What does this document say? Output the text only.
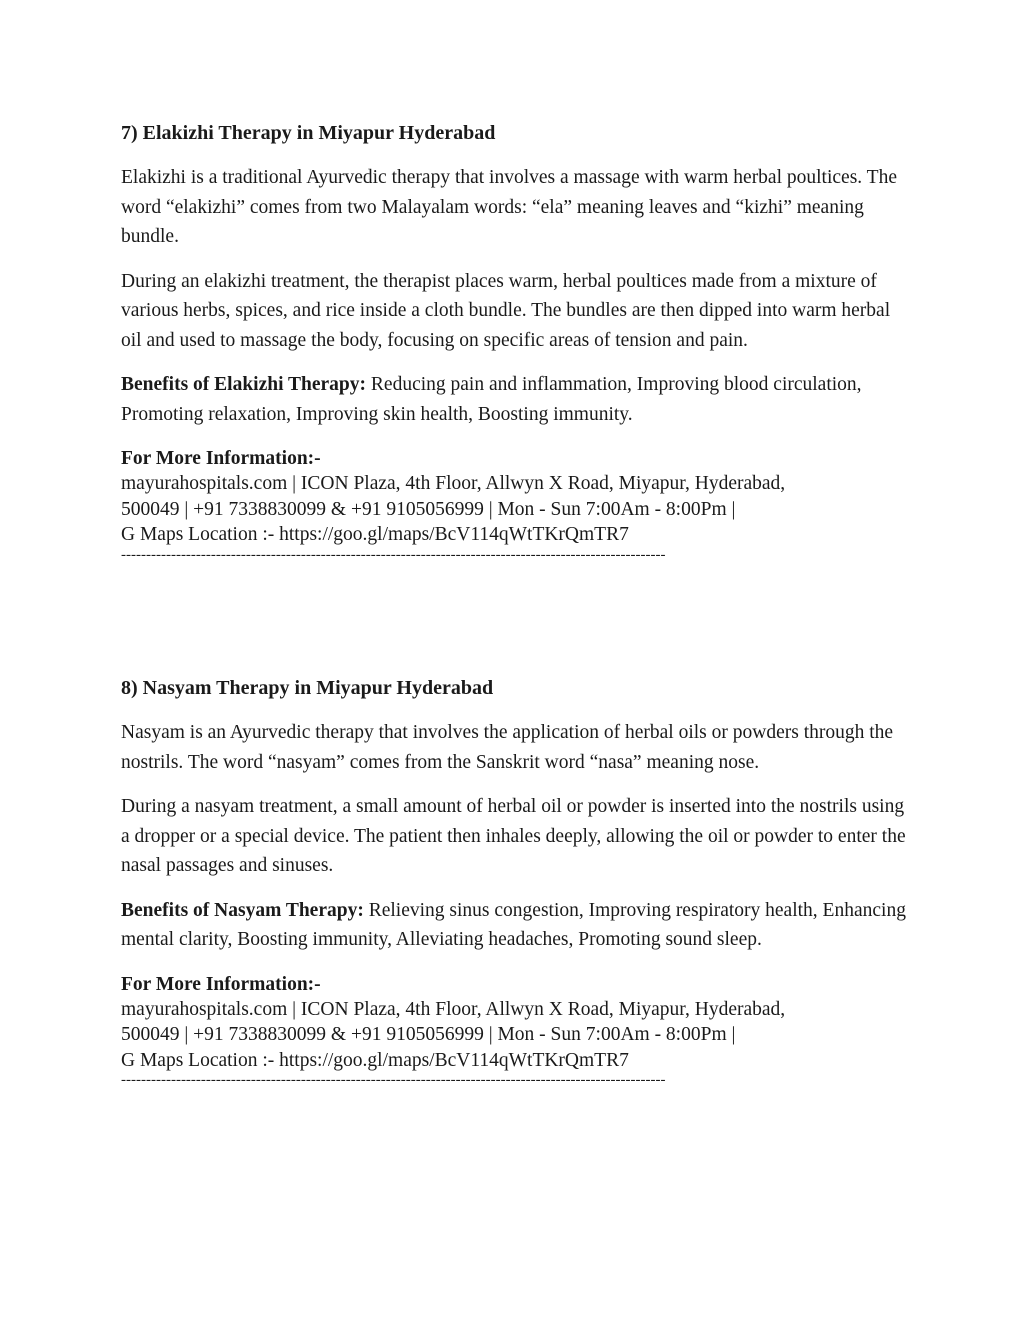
7) Elakizhi Therapy in Miyapur Hyderabad

Elakizhi is a traditional Ayurvedic therapy that involves a massage with warm herbal poultices. The word “elakizhi” comes from two Malayalam words: “ela” meaning leaves and “kizhi” meaning bundle.

During an elakizhi treatment, the therapist places warm, herbal poultices made from a mixture of various herbs, spices, and rice inside a cloth bundle. The bundles are then dipped into warm herbal oil and used to massage the body, focusing on specific areas of tension and pain.

Benefits of Elakizhi Therapy: Reducing pain and inflammation, Improving blood circulation, Promoting relaxation, Improving skin health, Boosting immunity.

For More Information:-
mayurahospitals.com | ICON Plaza, 4th Floor, Allwyn X Road, Miyapur, Hyderabad,
500049 | +91 7338830099 & +91 9105056999 | Mon - Sun 7:00Am - 8:00Pm |
G Maps Location :- https://goo.gl/maps/BcV114qWtTKrQmTR7
-------------------------------------------------------------------------------------------------------------
8) Nasyam Therapy in Miyapur Hyderabad

Nasyam is an Ayurvedic therapy that involves the application of herbal oils or powders through the nostrils. The word “nasyam” comes from the Sanskrit word “nasa” meaning nose.

During a nasyam treatment, a small amount of herbal oil or powder is inserted into the nostrils using a dropper or a special device. The patient then inhales deeply, allowing the oil or powder to enter the nasal passages and sinuses.

Benefits of Nasyam Therapy: Relieving sinus congestion, Improving respiratory health, Enhancing mental clarity, Boosting immunity, Alleviating headaches, Promoting sound sleep.

For More Information:-
mayurahospitals.com | ICON Plaza, 4th Floor, Allwyn X Road, Miyapur, Hyderabad,
500049 | +91 7338830099 & +91 9105056999 | Mon - Sun 7:00Am - 8:00Pm |
G Maps Location :- https://goo.gl/maps/BcV114qWtTKrQmTR7
-------------------------------------------------------------------------------------------------------------
